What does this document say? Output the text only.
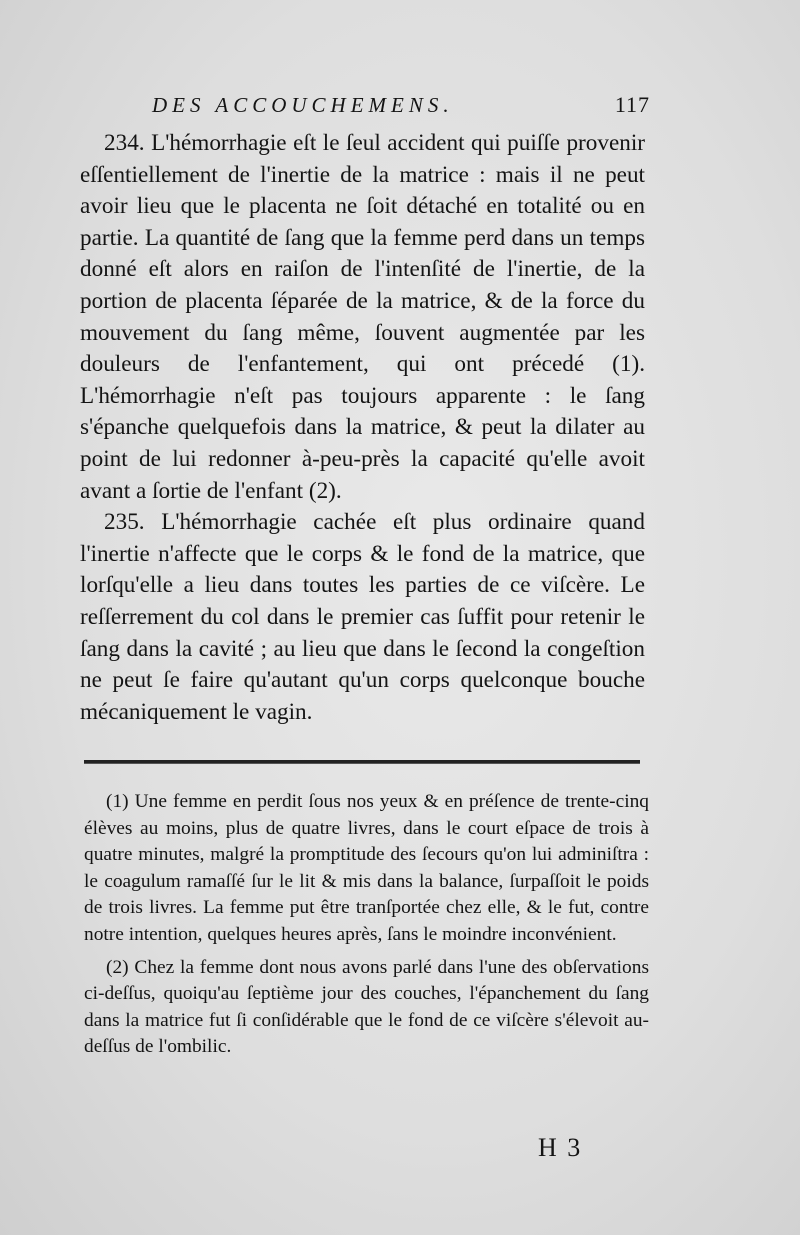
DES ACCOUCHEMENS.	117

234. L'hémorrhagie eſt le ſeul accident qui puiſſe provenir eſſentiellement de l'inertie de la matrice : mais il ne peut avoir lieu que le placenta ne ſoit détaché en totalité ou en partie. La quantité de ſang que la femme perd dans un temps donné eſt alors en raiſon de l'intenſité de l'inertie, de la portion de placenta ſéparée de la matrice, & de la force du mouvement du ſang même, ſouvent augmentée par les douleurs de l'enfantement, qui ont précedé (1). L'hémorrhagie n'eſt pas toujours apparente : le ſang s'épanche quelquefois dans la matrice, & peut la dilater au point de lui redonner à-peu-près la capacité qu'elle avoit avant a ſortie de l'enfant (2).

235. L'hémorrhagie cachée eſt plus ordinaire quand l'inertie n'affecte que le corps & le fond de la matrice, que lorſqu'elle a lieu dans toutes les parties de ce viſcère. Le reſſerrement du col dans le premier cas ſuffit pour retenir le ſang dans la cavité ; au lieu que dans le ſecond la congeſtion ne peut ſe faire qu'autant qu'un corps quelconque bouche mécaniquement le vagin.

(1) Une femme en perdit ſous nos yeux & en préſence de trente-cinq élèves au moins, plus de quatre livres, dans le court eſpace de trois à quatre minutes, malgré la promptitude des ſecours qu'on lui adminiſtra : le coagulum ramaſſé ſur le lit & mis dans la balance, ſurpaſſoit le poids de trois livres. La femme put être tranſportée chez elle, & le fut, contre notre intention, quelques heures après, ſans le moindre inconvénient.

(2) Chez la femme dont nous avons parlé dans l'une des obſervations ci-deſſus, quoiqu'au ſeptième jour des couches, l'épanchement du ſang dans la matrice fut ſi conſidérable que le fond de ce viſcère s'élevoit au-deſſus de l'ombilic.

H 3
